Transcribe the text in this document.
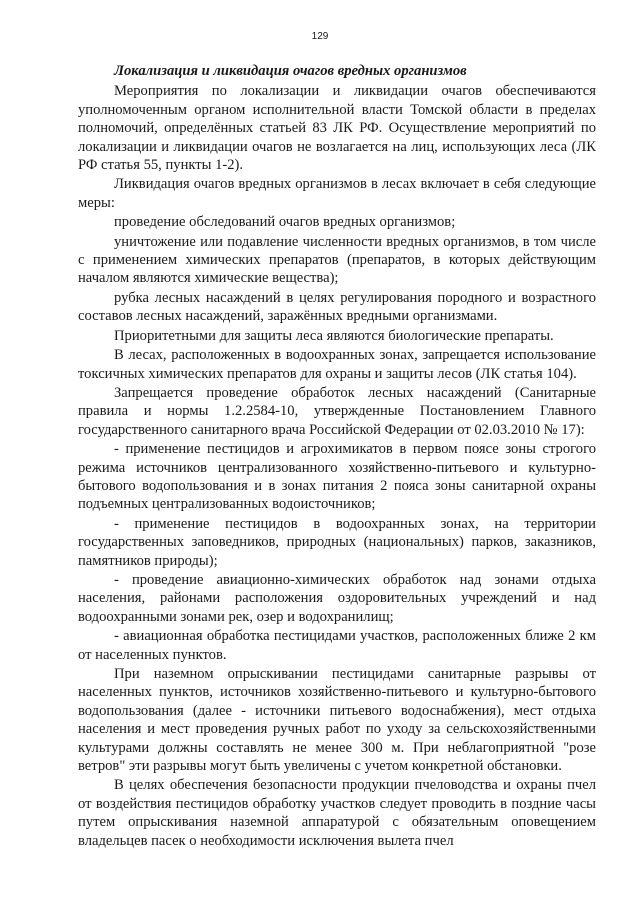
129
Локализация и ликвидация очагов вредных организмов

Мероприятия по локализации и ликвидации очагов обеспечиваются уполномоченным органом исполнительной власти Томской области в пределах полномочий, определённых статьей 83 ЛК РФ. Осуществление мероприятий по локализации и ликвидации очагов не возлагается на лиц, использующих леса (ЛК РФ статья 55, пункты 1-2).

Ликвидация очагов вредных организмов в лесах включает в себя следующие меры:

проведение обследований очагов вредных организмов;

уничтожение или подавление численности вредных организмов, в том числе с применением химических препаратов (препаратов, в которых действующим началом являются химические вещества);

рубка лесных насаждений в целях регулирования породного и возрастного составов лесных насаждений, заражённых вредными организмами.

Приоритетными для защиты леса являются биологические препараты.

В лесах, расположенных в водоохранных зонах, запрещается использование токсичных химических препаратов для охраны и защиты лесов (ЛК статья 104).

Запрещается проведение обработок лесных насаждений (Санитарные правила и нормы 1.2.2584-10, утвержденные Постановлением Главного государственного санитарного врача Российской Федерации от 02.03.2010 № 17):

- применение пестицидов и агрохимикатов в первом поясе зоны строгого режима источников централизованного хозяйственно-питьевого и культурно-бытового водопользования и в зонах питания 2 пояса зоны санитарной охраны подъемных централизованных водоисточников;

- применение пестицидов в водоохранных зонах, на территории государственных заповедников, природных (национальных) парков, заказников, памятников природы);

- проведение авиационно-химических обработок над зонами отдыха населения, районами расположения оздоровительных учреждений и над водоохранными зонами рек, озер и водохранилищ;

- авиационная обработка пестицидами участков, расположенных ближе 2 км от населенных пунктов.

При наземном опрыскивании пестицидами санитарные разрывы от населенных пунктов, источников хозяйственно-питьевого и культурно-бытового водопользования (далее - источники питьевого водоснабжения), мест отдыха населения и мест проведения ручных работ по уходу за сельскохозяйственными культурами должны составлять не менее 300 м. При неблагоприятной "розе ветров" эти разрывы могут быть увеличены с учетом конкретной обстановки.

В целях обеспечения безопасности продукции пчеловодства и охраны пчел от воздействия пестицидов обработку участков следует проводить в поздние часы путем опрыскивания наземной аппаратурой с обязательным оповещением владельцев пасек о необходимости исключения вылета пчел
